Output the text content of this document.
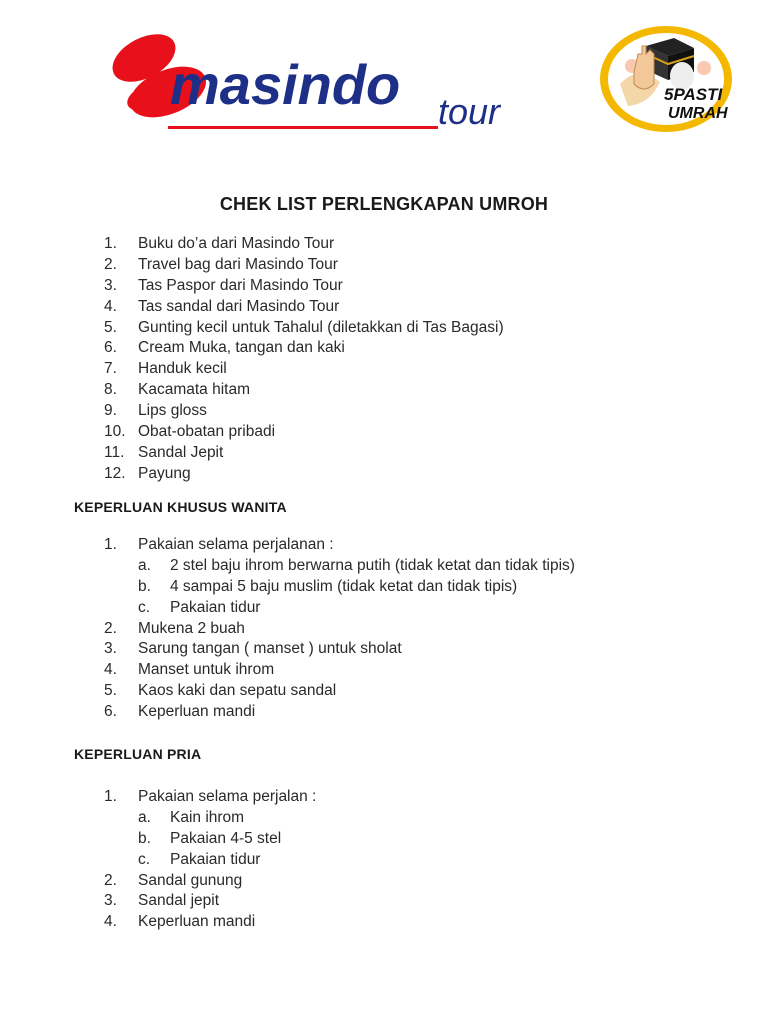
masindo tour	5PASTI
UMRAH
CHEK LIST PERLENGKAPAN UMROH
1. Buku do’a dari Masindo Tour
2. Travel bag dari Masindo Tour
3. Tas Paspor dari Masindo Tour
4. Tas sandal dari Masindo Tour
5. Gunting kecil untuk Tahalul (diletakkan di Tas Bagasi)
6. Cream Muka, tangan dan kaki
7. Handuk kecil
8. Kacamata hitam
9. Lips gloss
10. Obat-obatan pribadi
11. Sandal Jepit
12. Payung
KEPERLUAN KHUSUS WANITA
1. Pakaian selama perjalanan :
a. 2 stel baju ihrom berwarna putih (tidak ketat dan tidak tipis)
b. 4 sampai 5 baju muslim (tidak ketat dan tidak tipis)
c. Pakaian tidur
2. Mukena 2 buah
3. Sarung tangan ( manset ) untuk sholat
4. Manset untuk ihrom
5. Kaos kaki dan sepatu sandal
6. Keperluan mandi
KEPERLUAN PRIA
1. Pakaian selama perjalan :
a. Kain ihrom
b. Pakaian 4-5 stel
c. Pakaian tidur
2. Sandal gunung
3. Sandal jepit
4. Keperluan mandi
